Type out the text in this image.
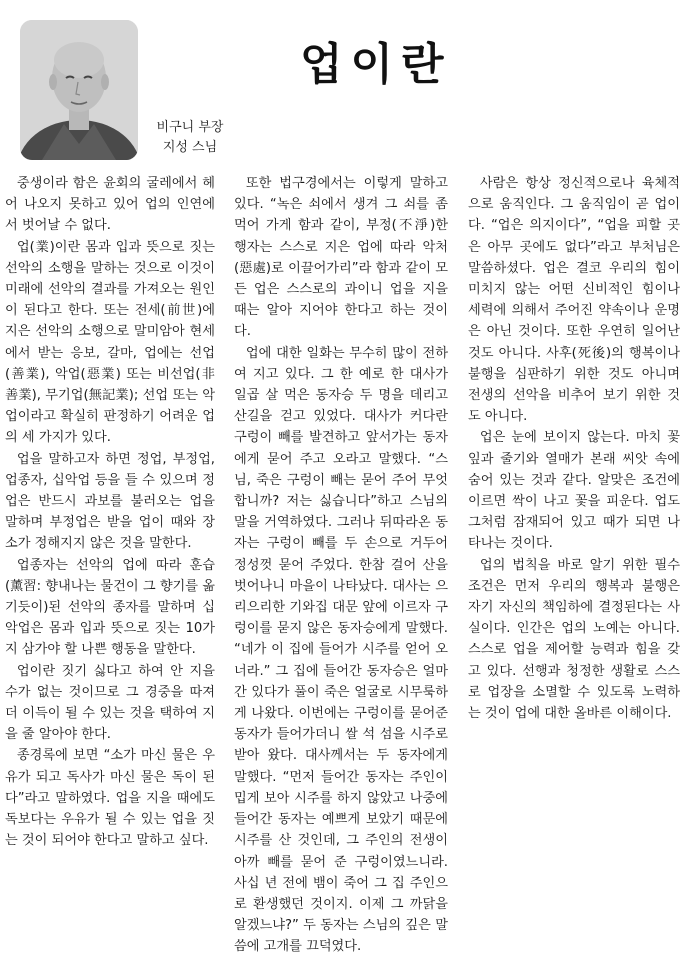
비구니 부장
지성 스님
업이란

중생이라 함은 윤회의 굴레에서 헤어 나오지 못하고 있어 업의 인연에서 벗어날 수 없다.

업(業)이란 몸과 입과 뜻으로 짓는 선악의 소행을 말하는 것으로 이것이 미래에 선악의 결과를 가져오는 원인이 된다고 한다. 또는 전세(前世)에 지은 선악의 소행으로 말미암아 현세에서 받는 응보, 갈마, 업에는 선업(善業), 악업(惡業) 또는 비선업(非善業), 무기업(無記業); 선업 또는 악업이라고 확실히 판정하기 어려운 업의 세 가지가 있다.

업을 말하고자 하면 정업, 부정업, 업종자, 십악업 등을 들 수 있으며 정업은 반드시 과보를 불러오는 업을 말하며 부정업은 받을 업이 때와 장소가 정해지지 않은 것을 말한다.

업종자는 선악의 업에 따라 훈습(薰習: 향내나는 물건이 그 향기를 옮기듯이)된 선악의 종자를 말하며 십악업은 몸과 입과 뜻으로 짓는 10가지 삼가야 할 나쁜 행동을 말한다.

업이란 짓기 싫다고 하여 안 지을 수가 없는 것이므로 그 경중을 따져 더 이득이 될 수 있는 것을 택하여 지을 줄 알아야 한다.

종경록에 보면 “소가 마신 물은 우유가 되고 독사가 마신 물은 독이 된다”라고 말하였다. 업을 지을 때에도 독보다는 우유가 될 수 있는 업을 짓는 것이 되어야 한다고 말하고 싶다.

또한 법구경에서는 이렇게 말하고 있다. “녹은 쇠에서 생겨 그 쇠를 좀먹어 가게 함과 같이, 부정(不淨)한 행자는 스스로 지은 업에 따라 악처(惡處)로 이끌어가리”라 함과 같이 모든 업은 스스로의 과이니 업을 지을 때는 알아 지어야 한다고 하는 것이다.

업에 대한 일화는 무수히 많이 전하여 지고 있다. 그 한 예로 한 대사가 일곱 살 먹은 동자승 두 명을 데리고 산길을 걷고 있었다. 대사가 커다란 구렁이 빼를 발견하고 앞서가는 동자에게 묻어 주고 오라고 말했다. “스님, 죽은 구렁이 빼는 묻어 주어 무엇합니까? 저는 싫습니다”하고 스님의 말을 거역하였다. 그러나 뒤따라온 동자는 구렁이 빼를 두 손으로 거두어 정성껏 묻어 주었다. 한참 걸어 산을 벗어나니 마을이 나타났다. 대사는 으리으리한 기와집 대문 앞에 이르자 구렁이를 묻지 않은 동자승에게 말했다. “네가 이 집에 들어가 시주를 얻어 오너라.” 그 집에 들어간 동자승은 얼마간 있다가 풀이 죽은 얼굴로 시무룩하게 나왔다. 이번에는 구렁이를 묻어준 동자가 들어가더니 쌀 석 섬을 시주로 받아 왔다. 대사께서는 두 동자에게 말했다. “먼저 들어간 동자는 주인이 밉게 보아 시주를 하지 않았고 나중에 들어간 동자는 예쁘게 보았기 때문에 시주를 산 것인데, 그 주인의 전생이 아까 빼를 묻어 준 구렁이였느니라. 사십 년 전에 뱀이 죽어 그 집 주인으로 환생했던 것이지. 이제 그 까닭을 알겠느냐?” 두 동자는 스님의 깊은 말씀에 고개를 끄덕였다.

사람은 항상 정신적으로나 육체적으로 움직인다. 그 움직임이 곧 업이다. “업은 의지이다”, “업을 피할 곳은 아무 곳에도 없다”라고 부처님은 말씀하셨다. 업은 결코 우리의 힘이 미치지 않는 어떤 신비적인 힘이나 세력에 의해서 주어진 약속이나 운명은 아닌 것이다. 또한 우연히 일어난 것도 아니다. 사후(死後)의 행복이나 불행을 심판하기 위한 것도 아니며 전생의 선악을 비추어 보기 위한 것도 아니다.

업은 눈에 보이지 않는다. 마치 꽃잎과 줄기와 열매가 본래 씨앗 속에 숨어 있는 것과 같다. 알맞은 조건에 이르면 싹이 나고 꽃을 피운다. 업도 그처럼 잠재되어 있고 때가 되면 나타나는 것이다.

업의 법칙을 바로 알기 위한 필수 조건은 먼저 우리의 행복과 불행은 자기 자신의 책임하에 결정된다는 사실이다. 인간은 업의 노예는 아니다. 스스로 업을 제어할 능력과 힘을 갖고 있다. 선행과 청정한 생활로 스스로 업장을 소멸할 수 있도록 노력하는 것이 업에 대한 올바른 이해이다.
